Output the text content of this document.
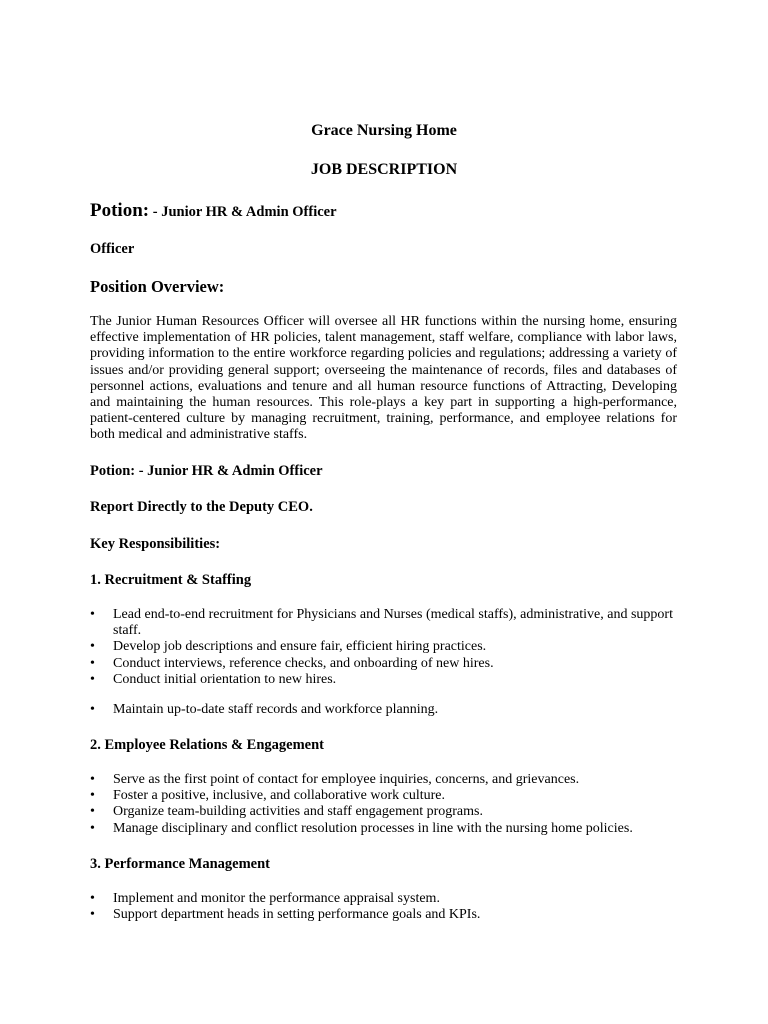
Grace Nursing Home

JOB DESCRIPTION

Potion: - Junior HR & Admin Officer

Officer

Position Overview:

The Junior Human Resources Officer will oversee all HR functions within the nursing home, ensuring effective implementation of HR policies, talent management, staff welfare, compliance with labor laws, providing information to the entire workforce regarding policies and regulations; addressing a variety of issues and/or providing general support; overseeing the maintenance of records, files and databases of personnel actions, evaluations and tenure and all human resource functions of Attracting, Developing and maintaining the human resources. This role-plays a key part in supporting a high-performance, patient-centered culture by managing recruitment, training, performance, and employee relations for both medical and administrative staffs.

Potion: - Junior HR & Admin Officer

Report Directly to the Deputy CEO.

Key Responsibilities:

1. Recruitment & Staffing

• Lead end-to-end recruitment for Physicians and Nurses (medical staffs), administrative, and support staff.
• Develop job descriptions and ensure fair, efficient hiring practices.
• Conduct interviews, reference checks, and onboarding of new hires.
• Conduct initial orientation to new hires.
• Maintain up-to-date staff records and workforce planning.

2. Employee Relations & Engagement

• Serve as the first point of contact for employee inquiries, concerns, and grievances.
• Foster a positive, inclusive, and collaborative work culture.
• Organize team-building activities and staff engagement programs.
• Manage disciplinary and conflict resolution processes in line with the nursing home policies.

3. Performance Management

• Implement and monitor the performance appraisal system.
• Support department heads in setting performance goals and KPIs.
